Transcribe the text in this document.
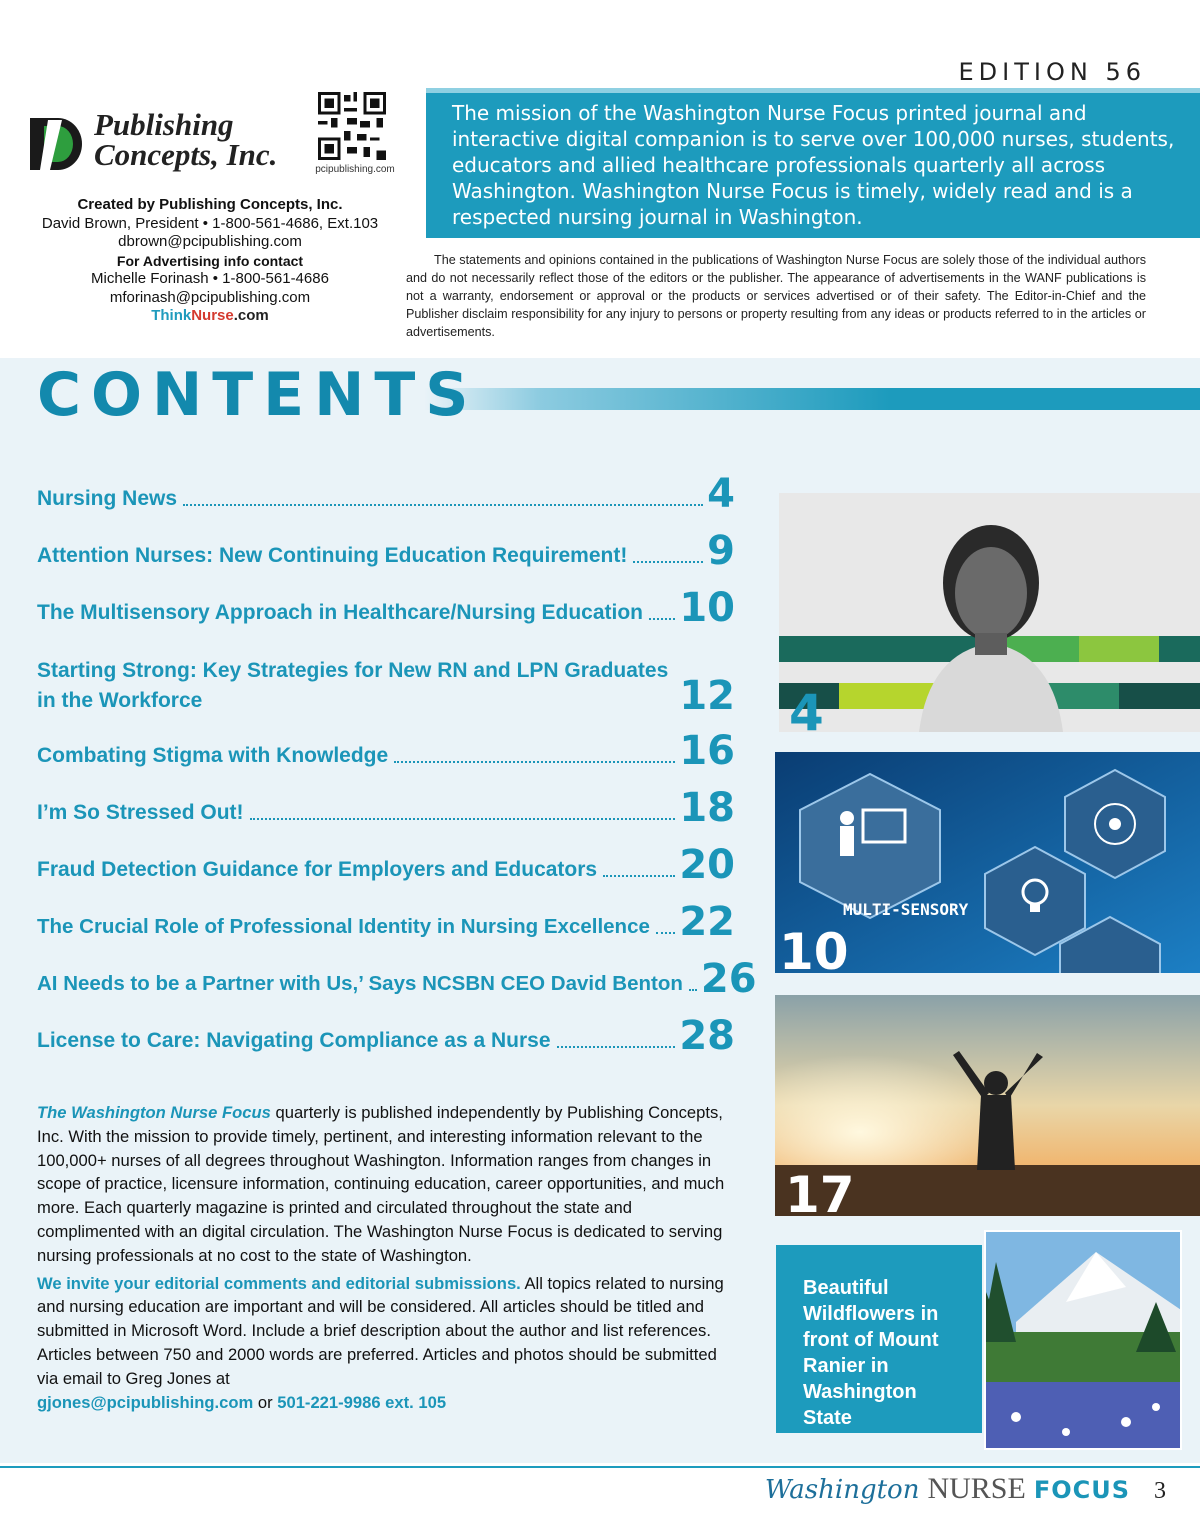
EDITION 56
Publishing
Concepts, Inc.	pcipublishing.com
Created by Publishing Concepts, Inc.
David Brown, President • 1-800-561-4686, Ext.103
dbrown@pcipublishing.com
For Advertising info contact
Michelle Forinash • 1-800-561-4686
mforinash@pcipublishing.com
ThinkNurse.com
The mission of the Washington Nurse Focus printed journal and interactive digital companion is to serve over 100,000 nurses, students, educators and allied healthcare professionals quarterly all across Washington. Washington Nurse Focus is timely, widely read and is a respected nursing journal in Washington.
The statements and opinions contained in the publications of Washington Nurse Focus are solely those of the individual authors and do not necessarily reflect those of the editors or the publisher. The appearance of advertisements in the WANF publications is not a warranty, endorsement or approval or the products or services advertised or of their safety. The Editor-in-Chief and the Publisher disclaim responsibility for any injury to persons or property resulting from any ideas or products referred to in the articles or advertisements.
CONTENTS
Nursing News	4
Attention Nurses: New Continuing Education Requirement! 9
The Multisensory Approach in Healthcare/Nursing Education 10
Starting Strong: Key Strategies for New RN and LPN Graduates in the Workforce	12
Combating Stigma with Knowledge	16
I’m So Stressed Out!	18
Fraud Detection Guidance for Employers and Educators 20
The Crucial Role of Professional Identity in Nursing Excellence 22
AI Needs to be a Partner with Us,’ Says NCSBN CEO David Benton 26
License to Care: Navigating Compliance as a Nurse	28

The Washington Nurse Focus quarterly is published independently by Publishing Concepts, Inc. With the mission to provide timely, pertinent, and interesting information relevant to the 100,000+ nurses of all degrees throughout Washington. Information ranges from changes in scope of practice, licensure information, continuing education, career opportunities, and much more. Each quarterly magazine is printed and circulated throughout the state and complimented with an digital circulation. The Washington Nurse Focus is dedicated to serving nursing professionals at no cost to the state of Washington.

We invite your editorial comments and editorial submissions. All topics related to nursing and nursing education are important and will be considered. All articles should be titled and submitted in Microsoft Word. Include a brief description about the author and list references. Articles between 750 and 2000 words are preferred. Articles and photos should be submitted via email to Greg Jones at
gjones@pcipublishing.com or 501-221-9986 ext. 105

4
MULTI-SENSORY
10
17
Beautiful Wildflowers in front of Mount Ranier in Washington State
Washington NURSE FOCUS 3
